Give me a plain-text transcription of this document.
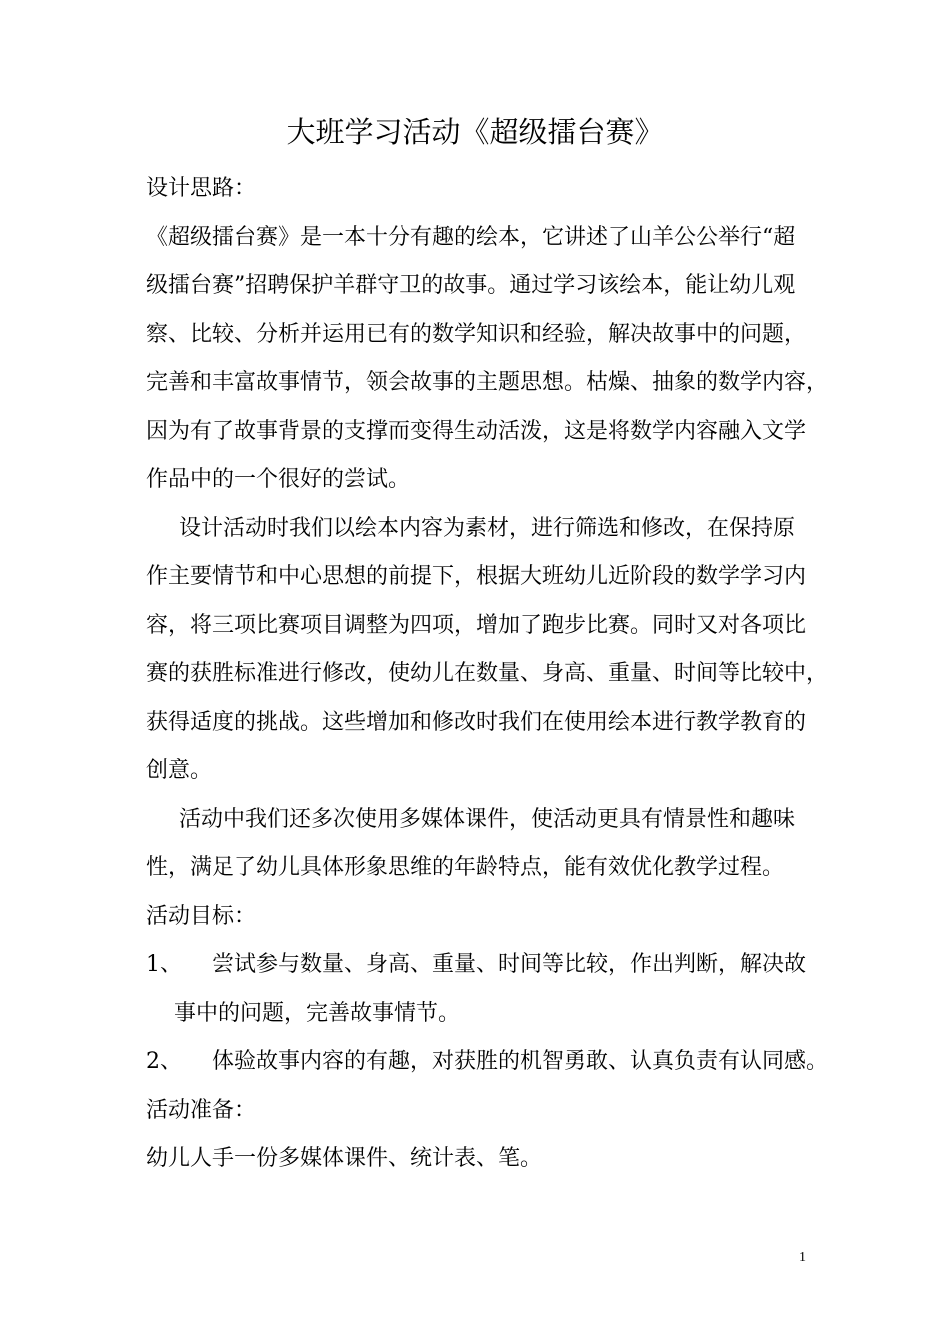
大班学习活动《超级擂台赛》

设计思路：

《超级擂台赛》是一本十分有趣的绘本，它讲述了山羊公公举行“超

级擂台赛”招聘保护羊群守卫的故事。通过学习该绘本，能让幼儿观

察、比较、分析并运用已有的数学知识和经验，解决故事中的问题，

完善和丰富故事情节，领会故事的主题思想。枯燥、抽象的数学内容，

因为有了故事背景的支撑而变得生动活泼，这是将数学内容融入文学

作品中的一个很好的尝试。

设计活动时我们以绘本内容为素材，进行筛选和修改，在保持原

作主要情节和中心思想的前提下，根据大班幼儿近阶段的数学学习内

容，将三项比赛项目调整为四项，增加了跑步比赛。同时又对各项比

赛的获胜标准进行修改，使幼儿在数量、身高、重量、时间等比较中，

获得适度的挑战。这些增加和修改时我们在使用绘本进行教学教育的

创意。

活动中我们还多次使用多媒体课件，使活动更具有情景性和趣味

性，满足了幼儿具体形象思维的年龄特点，能有效优化教学过程。

活动目标：

1、 尝试参与数量、身高、重量、时间等比较，作出判断，解决故

事中的问题，完善故事情节。

2、 体验故事内容的有趣，对获胜的机智勇敢、认真负责有认同感。

活动准备：

幼儿人手一份多媒体课件、统计表、笔。

1
